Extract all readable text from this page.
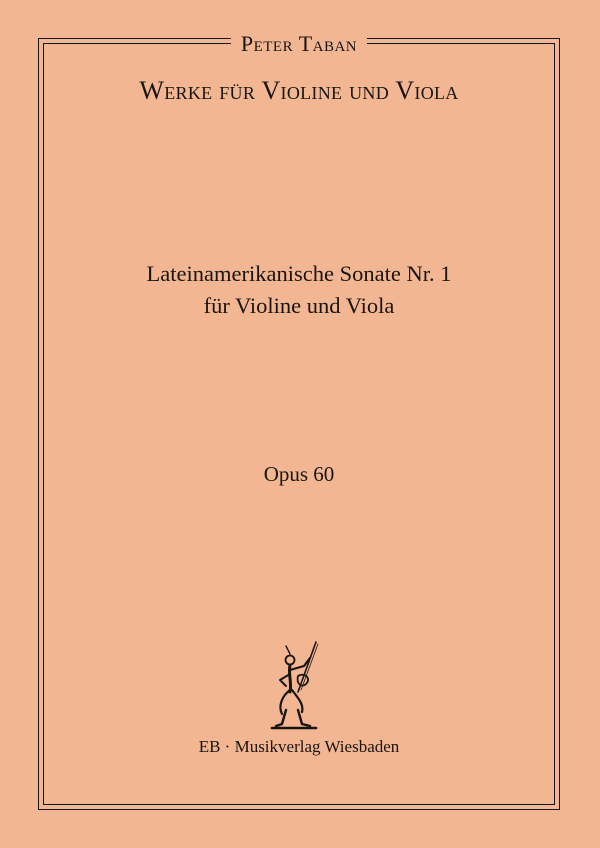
Peter Taban
Werke für Violine und Viola
Lateinamerikanische Sonate Nr. 1
für Violine und Viola
Opus 60
EB · Musikverlag Wiesbaden
